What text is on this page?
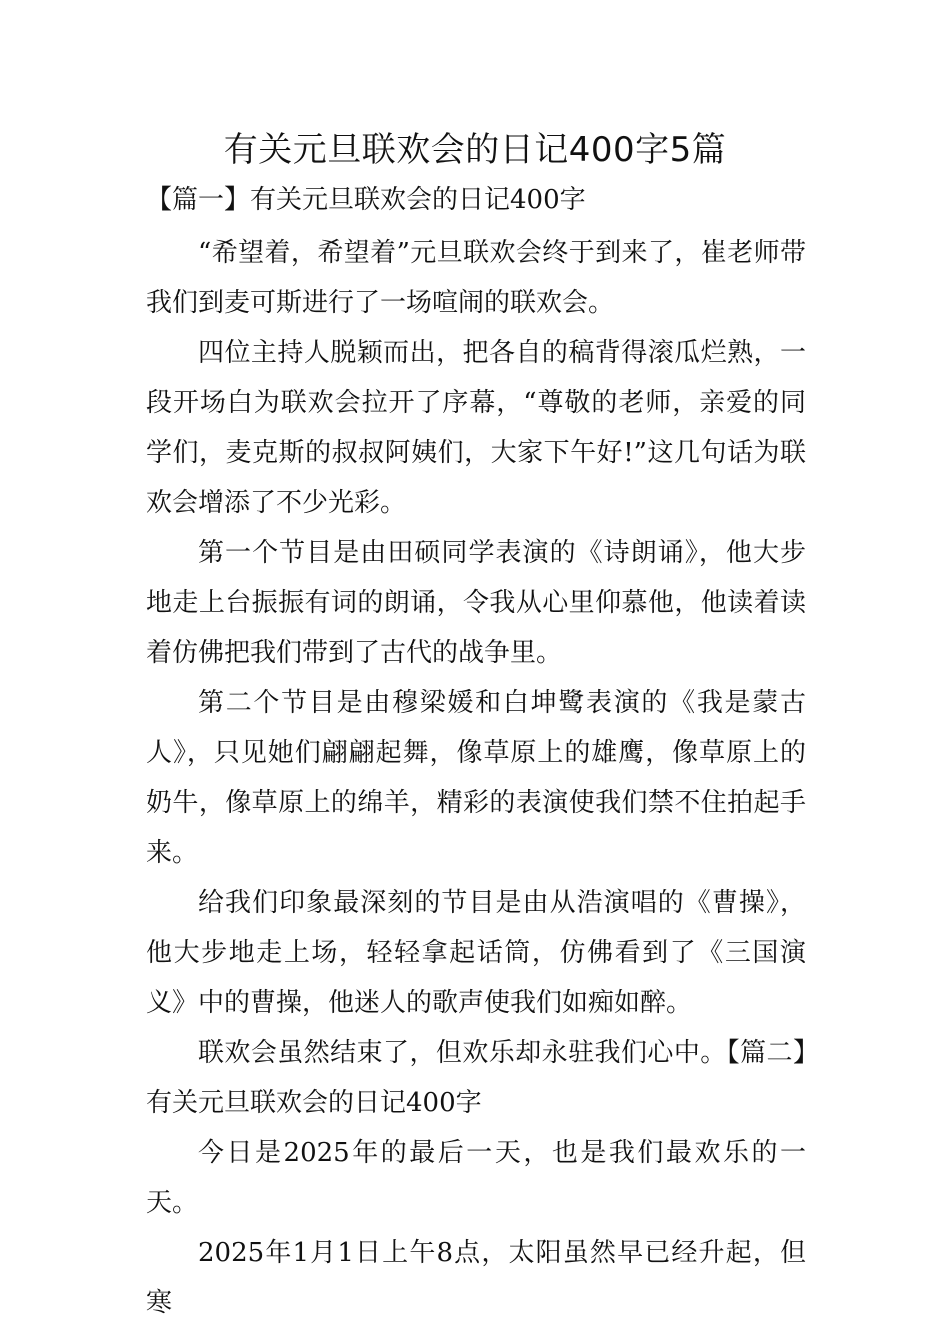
有关元旦联欢会的日记400字5篇

【篇一】有关元旦联欢会的日记400字

“希望着，希望着”元旦联欢会终于到来了，崔老师带我们到麦可斯进行了一场喧闹的联欢会。

四位主持人脱颖而出，把各自的稿背得滚瓜烂熟，一段开场白为联欢会拉开了序幕，“尊敬的老师，亲爱的同学们，麦克斯的叔叔阿姨们，大家下午好!”这几句话为联欢会增添了不少光彩。

第一个节目是由田硕同学表演的《诗朗诵》，他大步地走上台振振有词的朗诵，令我从心里仰慕他，他读着读着仿佛把我们带到了古代的战争里。

第二个节目是由穆梁媛和白坤鹭表演的《我是蒙古人》，只见她们翩翩起舞，像草原上的雄鹰，像草原上的奶牛，像草原上的绵羊，精彩的表演使我们禁不住拍起手来。

给我们印象最深刻的节目是由从浩演唱的《曹操》，他大步地走上场，轻轻拿起话筒，仿佛看到了《三国演义》中的曹操，他迷人的歌声使我们如痴如醉。

联欢会虽然结束了，但欢乐却永驻我们心中。【篇二】有关元旦联欢会的日记400字

今日是2025年的最后一天，也是我们最欢乐的一天。

2025年1月1日上午8点，太阳虽然早已经升起，但寒
